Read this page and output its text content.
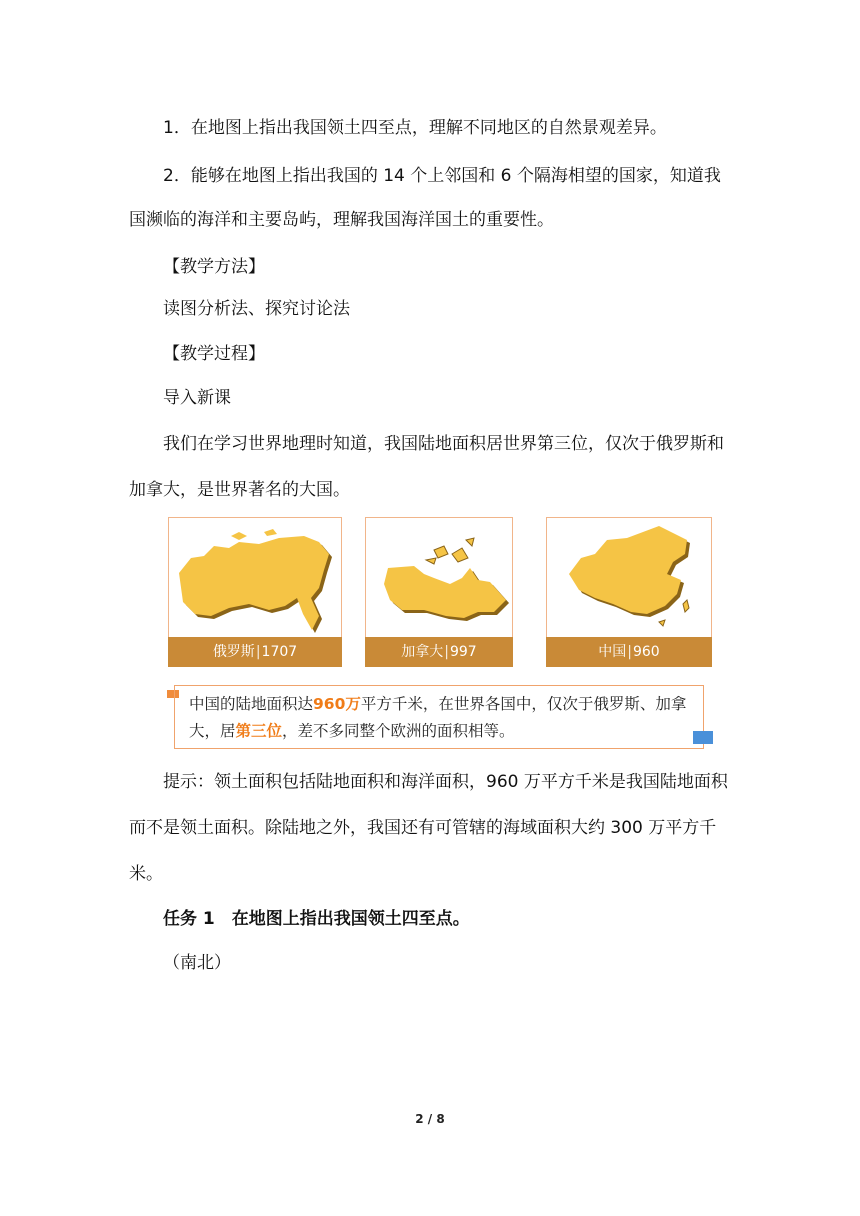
1．在地图上指出我国领土四至点，理解不同地区的自然景观差异。

2．能够在地图上指出我国的 14 个上邻国和 6 个隔海相望的国家，知道我

国濒临的海洋和主要岛屿，理解我国海洋国土的重要性。

【教学方法】

读图分析法、探究讨论法

【教学过程】

导入新课

我们在学习世界地理时知道，我国陆地面积居世界第三位，仅次于俄罗斯和

加拿大，是世界著名的大国。

俄罗斯|1707	加拿大|997	中国|960
中国的陆地面积达960万平方千米，在世界各国中，仅次于俄罗斯、加拿
大，居第三位，差不多同整个欧洲的面积相等。

提示：领土面积包括陆地面积和海洋面积，960 万平方千米是我国陆地面积

而不是领土面积。除陆地之外，我国还有可管辖的海域面积大约 300 万平方千

米。

任务 1　在地图上指出我国领土四至点。

（南北）

2 / 8
